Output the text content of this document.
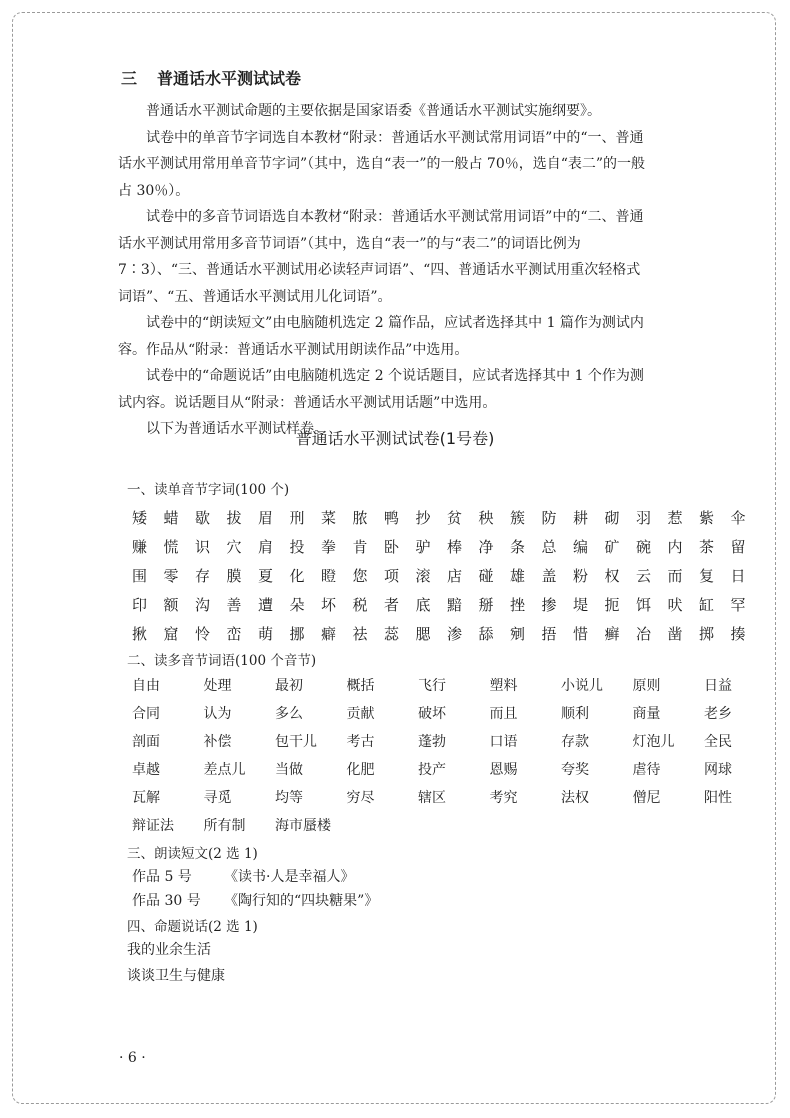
三 普通话水平测试试卷

普通话水平测试命题的主要依据是国家语委《普通话水平测试实施纲要》。

试卷中的单音节字词选自本教材“附录：普通话水平测试常用词语”中的“一、普通话水平测试用常用单音节字词”（其中，选自“表一”的一般占 70％，选自“表二”的一般占 30％）。

试卷中的多音节词语选自本教材“附录：普通话水平测试常用词语”中的“二、普通话水平测试用常用多音节词语”（其中，选自“表一”的与“表二”的词语比例为 7∶3）、“三、普通话水平测试用必读轻声词语”、“四、普通话水平测试用重次轻格式词语”、“五、普通话水平测试用儿化词语”。

试卷中的“朗读短文”由电脑随机选定 2 篇作品，应试者选择其中 1 篇作为测试内容。作品从“附录：普通话水平测试用朗读作品”中选用。

试卷中的“命题说话”由电脑随机选定 2 个说话题目，应试者选择其中 1 个作为测试内容。说话题目从“附录：普通话水平测试用话题”中选用。

以下为普通话水平测试样卷。

普通话水平测试试卷(1号卷)
一、读单音节字词(100 个)
矮 蜡 歇 拔 眉 刑 菜 脓 鸭 抄 贫 秧 簇 防 耕 砌 羽 惹 紫 伞
赚 慌 识 穴 肩 投 拳 肯 卧 驴 棒 净 条 总 编 矿 碗 内 茶 留
围 零 存 膜 夏 化 瞪 您 项 滚 店 碰 雄 盖 粉 权 云 而 复 日
印 额 沟 善 遭 朵 坏 税 者 底 黯 掰 挫 掺 堤 扼 饵 吠 缸 罕
揪 窟 怜 峦 萌 挪 癖 祛 蕊 腮 渗 舔 剜 捂 惜 癣 冶 凿 掷 揍
二、读多音节词语(100 个音节)
自由	处理	最初	概括	飞行	塑料	小说儿 原则	日益
合同	认为	多么	贡献	破坏	而且	顺利	商量	老乡
剖面	补偿	包干儿 考古	蓬勃	口语	存款	灯泡儿 全民
卓越	差点儿 当做	化肥	投产	恩赐	夸奖	虐待	网球
瓦解	寻觅	均等	穷尽	辖区	考究	法权	僧尼	阳性
辩证法 所有制 海市蜃楼
三、朗读短文(2 选 1)
作品 5 号 《读书·人是幸福人》
作品 30 号 《陶行知的“四块糖果”》
四、命题说话(2 选 1)
我的业余生活
谈谈卫生与健康
· 6 ·
